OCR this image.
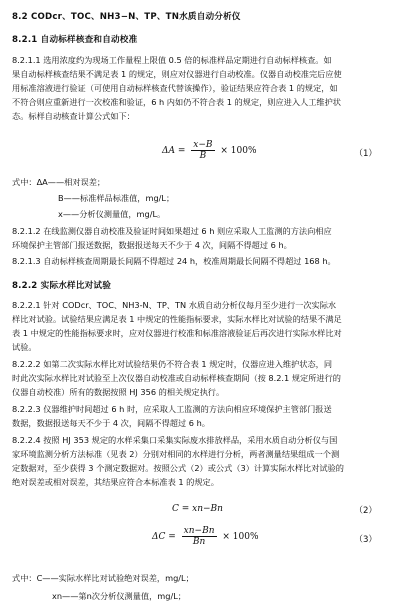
8.2 CODcr、TOC、NH3−N、TP、TN水质自动分析仪
8.2.1 自动标样核查和自动校准
8.2.1.1 选用浓度约为现场工作量程上限值 0.5 倍的标准样品定期进行自动标样核查。如
果自动标样核查结果不满足表 1 的规定，则应对仪器进行自动校准。仪器自动校准完后应使
用标准溶液进行验证（可使用自动标样核查代替该操作），验证结果应符合表 1 的规定，如
不符合则应重新进行一次校准和验证，6 h 内如仍不符合表 1 的规定，则应进入人工维护状
态。标样自动核查计算公式如下：
$\Delta A = \frac{x-B}{B} \times 100\%$	（1）
式中：ΔA——相对误差；
B——标准样品标准值，mg/L；
x——分析仪测量值，mg/L。
8.2.1.2 在线监测仪器自动校准及验证时间如果超过 6 h 则应采取人工监测的方法向相应
环境保护主管部门报送数据，数据报送每天不少于 4 次，间隔不得超过 6 h。
8.2.1.3 自动标样核查周期最长间隔不得超过 24 h，校准周期最长间隔不得超过 168 h。
8.2.2 实际水样比对试验
8.2.2.1 针对 CODcr、TOC、NH3-N、TP、TN 水质自动分析仪每月至少进行一次实际水
样比对试验。试验结果应满足表 1 中规定的性能指标要求，实际水样比对试验的结果不满足
表 1 中规定的性能指标要求时，应对仪器进行校准和标准溶液验证后再次进行实际水样比对
试验。
8.2.2.2 如第二次实际水样比对试验结果仍不符合表 1 规定时，仪器应进入维护状态，同
时此次实际水样比对试验至上次仪器自动校准或自动标样核查期间（按 8.2.1 规定所进行的
仪器自动校准）所有的数据按照 HJ 356 的相关规定执行。
8.2.2.3 仪器维护时间超过 6 h 时，应采取人工监测的方法向相应环境保护主管部门报送
数据，数据报送每天不少于 4 次，间隔不得超过 6 h。
8.2.2.4 按照 HJ 353 规定的水样采集口采集实际废水排放样品，采用水质自动分析仪与国
家环境监测分析方法标准（见表 2）分别对相同的水样进行分析，两者测量结果组成一个测
定数据对，至少获得 3 个测定数据对。按照公式（2）或公式（3）计算实际水样比对试验的
绝对误差或相对误差，其结果应符合本标准表 1 的规定。
C = xn−Bn	（2）
$\Delta C = \frac{xn-Bn}{Bn} \times 100\%$	（3）
式中：C——实际水样比对试验绝对误差，mg/L；
xn——第n次分析仪测量值，mg/L；
